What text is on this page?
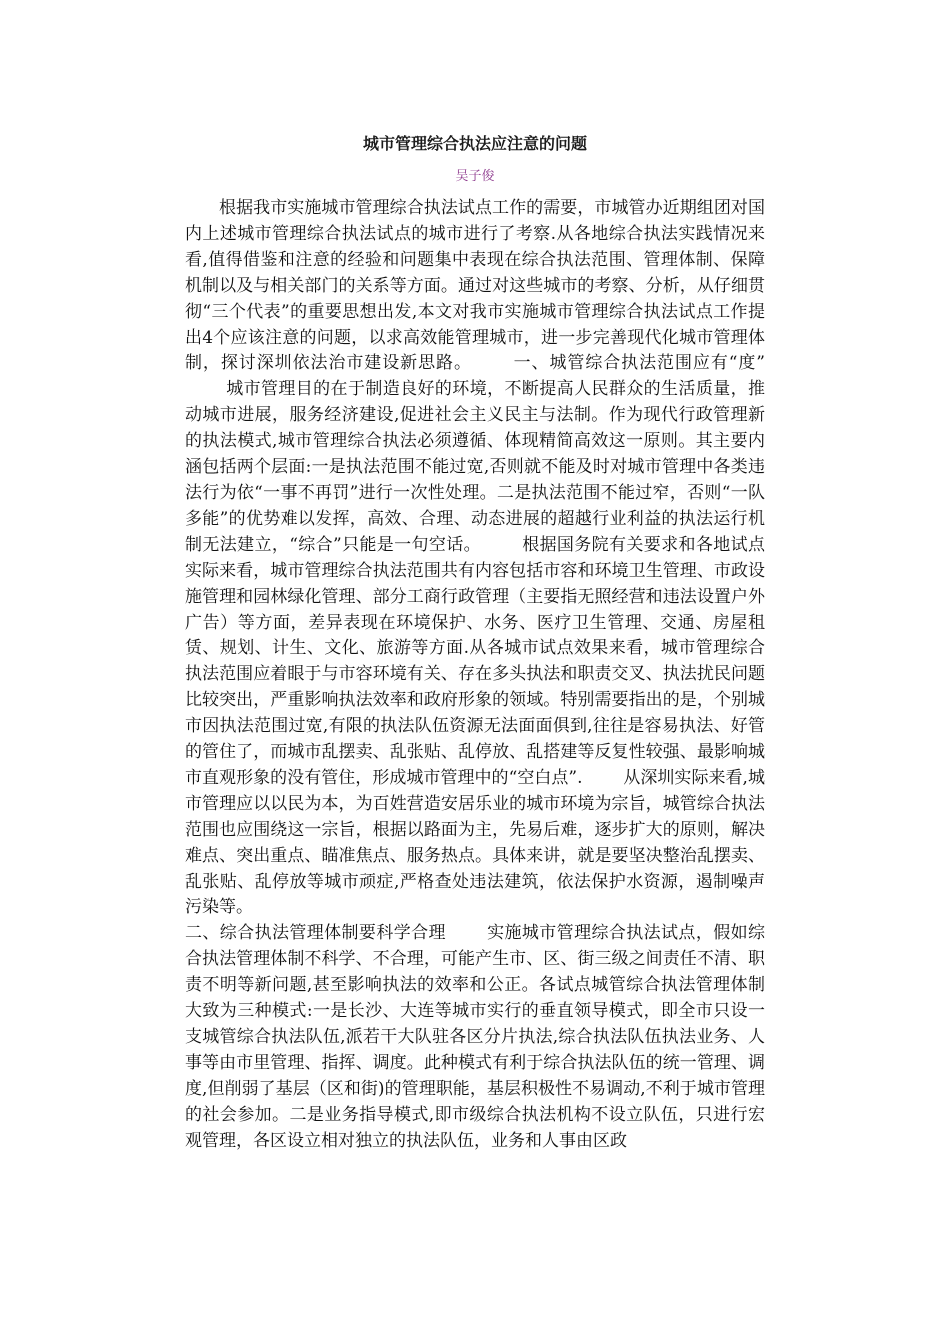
城市管理综合执法应注意的问题
吴子俊

根据我市实施城市管理综合执法试点工作的需要，市城管办近期组团对国内上述城市管理综合执法试点的城市进行了考察.从各地综合执法实践情况来看,值得借鉴和注意的经验和问题集中表现在综合执法范围、管理体制、保障机制以及与相关部门的关系等方面。通过对这些城市的考察、分析，从仔细贯彻“三个代表”的重要思想出发,本文对我市实施城市管理综合执法试点工作提出4个应该注意的问题，以求高效能管理城市，进一步完善现代化城市管理体制，探讨深圳依法治市建设新思路。 一、城管综合执法范围应有“度”城市管理目的在于制造良好的环境，不断提高人民群众的生活质量，推动城市进展，服务经济建设,促进社会主义民主与法制。作为现代行政管理新的执法模式,城市管理综合执法必须遵循、体现精简高效这一原则。其主要内涵包括两个层面:一是执法范围不能过宽,否则就不能及时对城市管理中各类违法行为依“一事不再罚”进行一次性处理。二是执法范围不能过窄，否则“一队多能”的优势难以发挥，高效、合理、动态进展的超越行业利益的执法运行机制无法建立，“综合”只能是一句空话。 根据国务院有关要求和各地试点实际来看，城市管理综合执法范围共有内容包括市容和环境卫生管理、市政设施管理和园林绿化管理、部分工商行政管理（主要指无照经营和违法设置户外广告）等方面，差异表现在环境保护、水务、医疗卫生管理、交通、房屋租赁、规划、计生、文化、旅游等方面.从各城市试点效果来看，城市管理综合执法范围应着眼于与市容环境有关、存在多头执法和职责交叉、执法扰民问题比较突出，严重影响执法效率和政府形象的领域。特别需要指出的是，个别城市因执法范围过宽,有限的执法队伍资源无法面面俱到,往往是容易执法、好管的管住了，而城市乱摆卖、乱张贴、乱停放、乱搭建等反复性较强、最影响城市直观形象的没有管住，形成城市管理中的“空白点”. 从深圳实际来看,城市管理应以以民为本，为百姓营造安居乐业的城市环境为宗旨，城管综合执法范围也应围绕这一宗旨，根据以路面为主，先易后难，逐步扩大的原则，解决难点、突出重点、瞄准焦点、服务热点。具体来讲，就是要坚决整治乱摆卖、乱张贴、乱停放等城市顽症,严格查处违法建筑，依法保护水资源，遏制噪声污染等。

二、综合执法管理体制要科学合理 实施城市管理综合执法试点，假如综合执法管理体制不科学、不合理，可能产生市、区、街三级之间责任不清、职责不明等新问题,甚至影响执法的效率和公正。各试点城管综合执法管理体制大致为三种模式:一是长沙、大连等城市实行的垂直领导模式，即全市只设一支城管综合执法队伍,派若干大队驻各区分片执法,综合执法队伍执法业务、人事等由市里管理、指挥、调度。此种模式有利于综合执法队伍的统一管理、调度,但削弱了基层（区和街)的管理职能，基层积极性不易调动,不利于城市管理的社会参加。二是业务指导模式,即市级综合执法机构不设立队伍，只进行宏观管理，各区设立相对独立的执法队伍，业务和人事由区政
